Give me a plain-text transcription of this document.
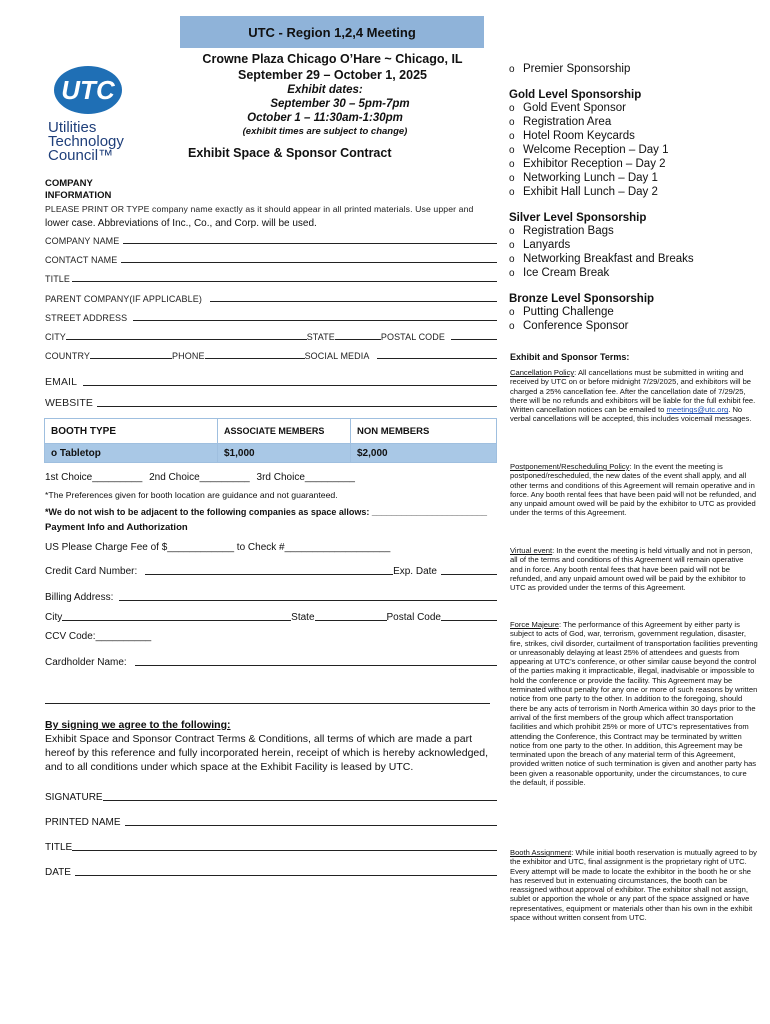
UTC - Region 1,2,4 Meeting
Crowne Plaza Chicago O’Hare ~ Chicago, IL
September 29 – October 1, 2025
Exhibit dates:
September 30 – 5pm-7pm
October 1 – 11:30am-1:30pm
(exhibit times are subject to change)
Exhibit Space & Sponsor Contract
UTC
Utilities
Technology
Council™
COMPANY
INFORMATION
PLEASE PRINT OR TYPE company name exactly as it should appear in all printed materials. Use upper and
lower case. Abbreviations of Inc., Co., and Corp. will be used.
COMPANY NAME
CONTACT NAME
TITLE
PARENT COMPANY(IF APPLICABLE)
STREET ADDRESS
CITY	STATE	POSTAL CODE
COUNTRY	PHONE	SOCIAL MEDIA
EMAIL
WEBSITE
BOOTH TYPE	ASSOCIATE MEMBERS	NON MEMBERS
o Tabletop	$1,000	$2,000
1st Choice_________ 2nd Choice_________ 3rd Choice_________
*The Preferences given for booth location are guidance and not guaranteed.
*We do not wish to be adjacent to the following companies as space allows: _______________________
Payment Info and Authorization
US Please Charge Fee of $____________ to Check #___________________
Credit Card Number:	Exp. Date
Billing Address:
City	State	Postal Code
CCV Code:__________
Cardholder Name:
By signing we agree to the following:
Exhibit Space and Sponsor Contract Terms & Conditions, all terms of which are made a part
hereof by this reference and fully incorporated herein, receipt of which is hereby acknowledged,
and to all conditions under which space at the Exhibit Facility is leased by UTC.
SIGNATURE
PRINTED NAME
TITLE
DATE
o Premier Sponsorship
Gold Level Sponsorship
o Gold Event Sponsor
o Registration Area
o Hotel Room Keycards
o Welcome Reception – Day 1
o Exhibitor Reception – Day 2
o Networking Lunch – Day 1
o Exhibit Hall Lunch – Day 2
Silver Level Sponsorship
o Registration Bags
o Lanyards
o Networking Breakfast and Breaks
o Ice Cream Break
Bronze Level Sponsorship
o Putting Challenge
o Conference Sponsor
Exhibit and Sponsor Terms:
Cancellation Policy: All cancellations must be submitted in writing and received by UTC on or before midnight 7/29/2025, and exhibitors will be charged a 25% cancellation fee. After the cancellation date of 7/29/25, there will be no refunds and exhibitors will be liable for the full exhibit fee. Written cancellation notices can be emailed to meetings@utc.org. No verbal cancellations will be accepted, this includes voicemail messages.
Postponement/Rescheduling Policy: In the event the meeting is postponed/rescheduled, the new dates of the event shall apply, and all other terms and conditions of this Agreement will remain operative and in force. Any booth rental fees that have been paid will not be refunded, and any unpaid amount owed will be paid by the exhibitor to UTC as provided under the terms of this Agreement.
Virtual event: In the event the meeting is held virtually and not in person, all of the terms and conditions of this Agreement will remain operative and in force. Any booth rental fees that have been paid will not be refunded, and any unpaid amount owed will be paid by the exhibitor to UTC as provided under the terms of this Agreement.
Force Majeure: The performance of this Agreement by either party is subject to acts of God, war, terrorism, government regulation, disaster, fire, strikes, civil disorder, curtailment of transportation facilities preventing or unreasonably delaying at least 25% of attendees and guests from appearing at UTC’s conference, or other similar cause beyond the control of the parties making it impracticable, illegal, inadvisable or impossible to hold the conference or provide the facility. This Agreement may be terminated without penalty for any one or more of such reasons by written notice from one party to the other. In addition to the foregoing, should there be any acts of terrorism in North America within 30 days prior to the arrival of the first members of the group which affect transportation facilities and which prohibit 25% or more of UTC’s representatives from attending the Conference, this Contract may be terminated by written notice from one party to the other. In addition, this Agreement may be terminated upon the breach of any material term of this Agreement, provided written notice of such termination is given and another party has been given a reasonable opportunity, under the circumstances, to cure the default, if possible.
Booth Assignment: While initial booth reservation is mutually agreed to by the exhibitor and UTC, final assignment is the proprietary right of UTC. Every attempt will be made to locate the exhibitor in the booth he or she has reserved but in extenuating circumstances, the booth can be reassigned without approval of exhibitor. The exhibitor shall not assign, sublet or apportion the whole or any part of the space assigned or have representatives, equipment or materials other than his own in the exhibit space without written consent from UTC.
